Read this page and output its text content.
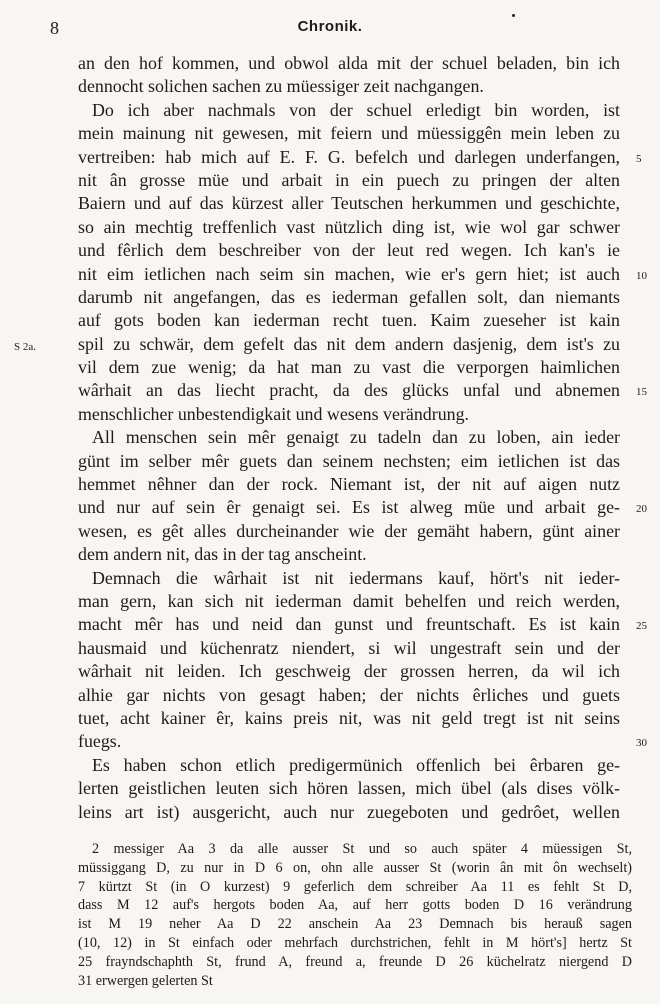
8	Chronik.
an den hof kommen, und obwol alda mit der schuel beladen, bin ich
dennocht solichen sachen zu müessiger zeit nachgangen.
Do ich aber nachmals von der schuel erledigt bin worden, ist
mein mainung nit gewesen, mit feiern und müessiggên mein leben zu
vertreiben: hab mich auf E. F. G. befelch und darlegen underfangen, 5
nit ân grosse müe und arbait in ein puech zu pringen der alten
Baiern und auf das kürzest aller Teutschen herkummen und geschichte,
so ain mechtig treffenlich vast nützlich ding ist, wie wol gar schwer
und fêrlich dem beschreiber von der leut red wegen. Ich kan's ie
nit eim ietlichen nach seim sin machen, wie er's gern hiet; ist auch 10
darumb nit angefangen, das es iederman gefallen solt, dan niemants
auf gots boden kan iederman recht tuen. Kaim zueseher ist kain
S 2a. spil zu schwär, dem gefelt das nit dem andern dasjenig, dem ist's zu
vil dem zue wenig; da hat man zu vast die verporgen haimlichen
wârhait an das liecht pracht, da des glücks unfal und abnemen 15
menschlicher unbestendigkait und wesens verändrung.
All menschen sein mêr genaigt zu tadeln dan zu loben, ain ieder
günt im selber mêr guets dan seinem nechsten; eim ietlichen ist das
hemmet nêhner dan der rock. Niemant ist, der nit auf aigen nutz
und nur auf sein êr genaigt sei. Es ist alweg müe und arbait ge- 20
wesen, es gêt alles durcheinander wie der gemäht habern, günt ainer
dem andern nit, das in der tag anscheint.
Demnach die wârhait ist nit iedermans kauf, hört's nit ieder-
man gern, kan sich nit iederman damit behelfen und reich werden,
macht mêr has und neid dan gunst und freuntschaft. Es ist kain 25
hausmaid und küchenratz niendert, si wil ungestraft sein und der
wârhait nit leiden. Ich geschweig der grossen herren, da wil ich
alhie gar nichts von gesagt haben; der nichts êrliches und guets
tuet, acht kainer êr, kains preis nit, was nit geld tregt ist nit seins
fuegs.	30
Es haben schon etlich predigermünich offenlich bei êrbaren ge-
lerten geistlichen leuten sich hören lassen, mich übel (als dises völk-
leins art ist) ausgericht, auch nur zuegeboten und gedrôet, wellen
2 messiger Aa 3 da alle ausser St und so auch später 4 müessigen St,
müssiggang D, zu nur in D 6 on, ohn alle ausser St (worin ân mit ôn wechselt)
7 kürtzt St (in O kurzest) 9 geferlich dem schreiber Aa 11 es fehlt St D,
dass M 12 auf's hergots boden Aa, auf herr gotts boden D 16 verändrung
ist M 19 neher Aa D 22 anschein Aa 23 Demnach bis herauß sagen
(10, 12) in St einfach oder mehrfach durchstrichen, fehlt in M hört's] hertz St
25 frayndschaphth St, frund A, freund a, freunde D 26 küchelratz niergend D
31 erwergen gelerten St
